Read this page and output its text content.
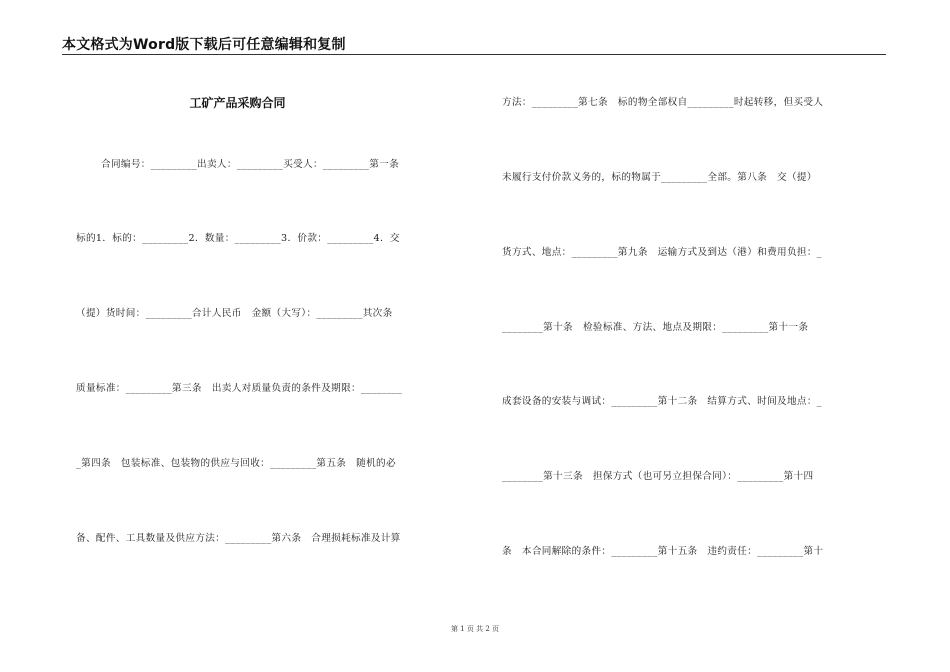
本文格式为Word版下载后可任意编辑和复制
工矿产品采购合同
合同编号：_________出卖人：_________买受人：_________第一条
标的1．标的：_________2．数量：_________3．价款：_________4．交
（提）货时间：_________合计人民币　金额（大写）：_________其次条
质量标准：_________第三条　出卖人对质量负责的条件及期限：________
_第四条　包装标准、包装物的供应与回收：_________第五条　随机的必
备、配件、工具数量及供应方法：_________第六条　合理损耗标准及计算
方法：_________第七条　标的物全部权自_________时起转移，但买受人
未履行支付价款义务的，标的物属于_________全部。第八条　交（提）
货方式、地点：_________第九条　运输方式及到达（港）和费用负担：_
________第十条　检验标准、方法、地点及期限：_________第十一条
成套设备的安装与调试：_________第十二条　结算方式、时间及地点：_
________第十三条　担保方式（也可另立担保合同）：_________第十四
条　本合同解除的条件：_________第十五条　违约责任：_________第十
第 1 页 共 2 页
